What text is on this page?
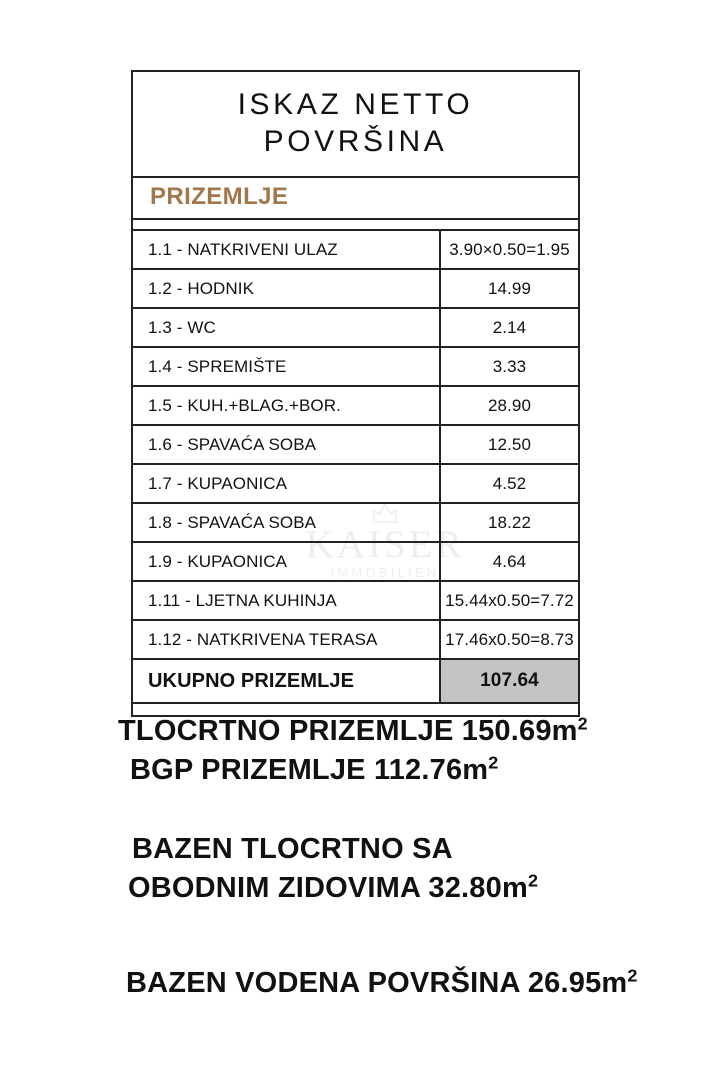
KAISER
IMMOBILIEN
ISKAZ NETTO
POVRŠINA
PRIZEMLJE
1.1 - NATKRIVENI ULAZ	3.90×0.50=1.95
1.2 - HODNIK	14.99
1.3 - WC	2.14
1.4 - SPREMIŠTE	3.33
1.5 - KUH.+BLAG.+BOR.	28.90
1.6 - SPAVAĆA SOBA	12.50
1.7 - KUPAONICA	4.52
1.8 - SPAVAĆA SOBA	18.22
1.9 - KUPAONICA	4.64
1.11 - LJETNA KUHINJA	15.44x0.50=7.72
1.12 - NATKRIVENA TERASA	17.46x0.50=8.73
UKUPNO PRIZEMLJE	107.64

TLOCRTNO PRIZEMLJE $150.69m^2$
BGP PRIZEMLJE $112.76m^2$
BAZEN TLOCRTNO SA
OBODNIM ZIDOVIMA $32.80m^2$
BAZEN VODENA POVRŠINA $26.95m^2$
